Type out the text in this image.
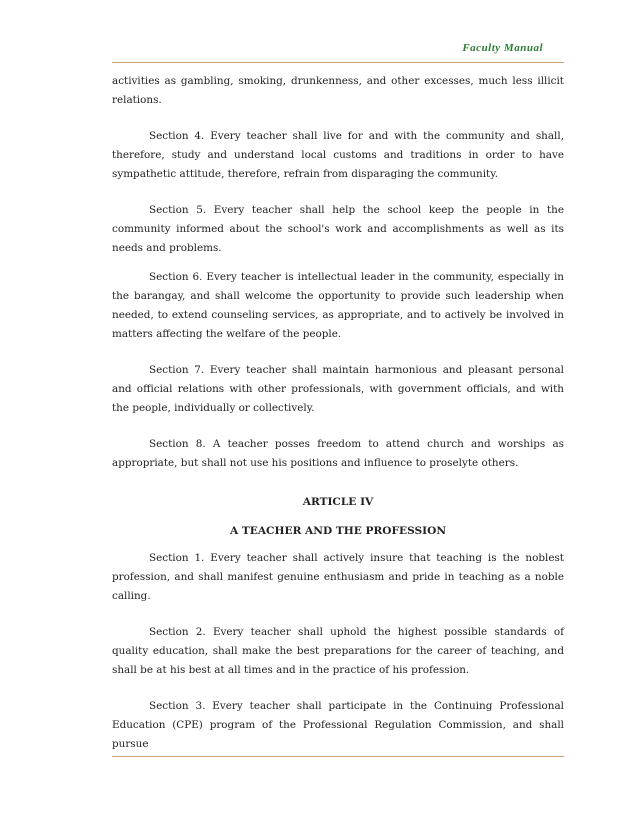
Faculty Manual

activities as gambling, smoking, drunkenness, and other excesses, much less illicit relations.

Section 4. Every teacher shall live for and with the community and shall, therefore, study and understand local customs and traditions in order to have sympathetic attitude, therefore, refrain from disparaging the community.

Section 5. Every teacher shall help the school keep the people in the community informed about the school's work and accomplishments as well as its needs and problems.

Section 6. Every teacher is intellectual leader in the community, especially in the barangay, and shall welcome the opportunity to provide such leadership when needed, to extend counseling services, as appropriate, and to actively be involved in matters affecting the welfare of the people.

Section 7. Every teacher shall maintain harmonious and pleasant personal and official relations with other professionals, with government officials, and with the people, individually or collectively.

Section 8. A teacher posses freedom to attend church and worships as appropriate, but shall not use his positions and influence to proselyte others.

ARTICLE IV

A TEACHER AND THE PROFESSION

Section 1. Every teacher shall actively insure that teaching is the noblest profession, and shall manifest genuine enthusiasm and pride in teaching as a noble calling.

Section 2. Every teacher shall uphold the highest possible standards of quality education, shall make the best preparations for the career of teaching, and shall be at his best at all times and in the practice of his profession.

Section 3. Every teacher shall participate in the Continuing Professional Education (CPE) program of the Professional Regulation Commission, and shall pursue
